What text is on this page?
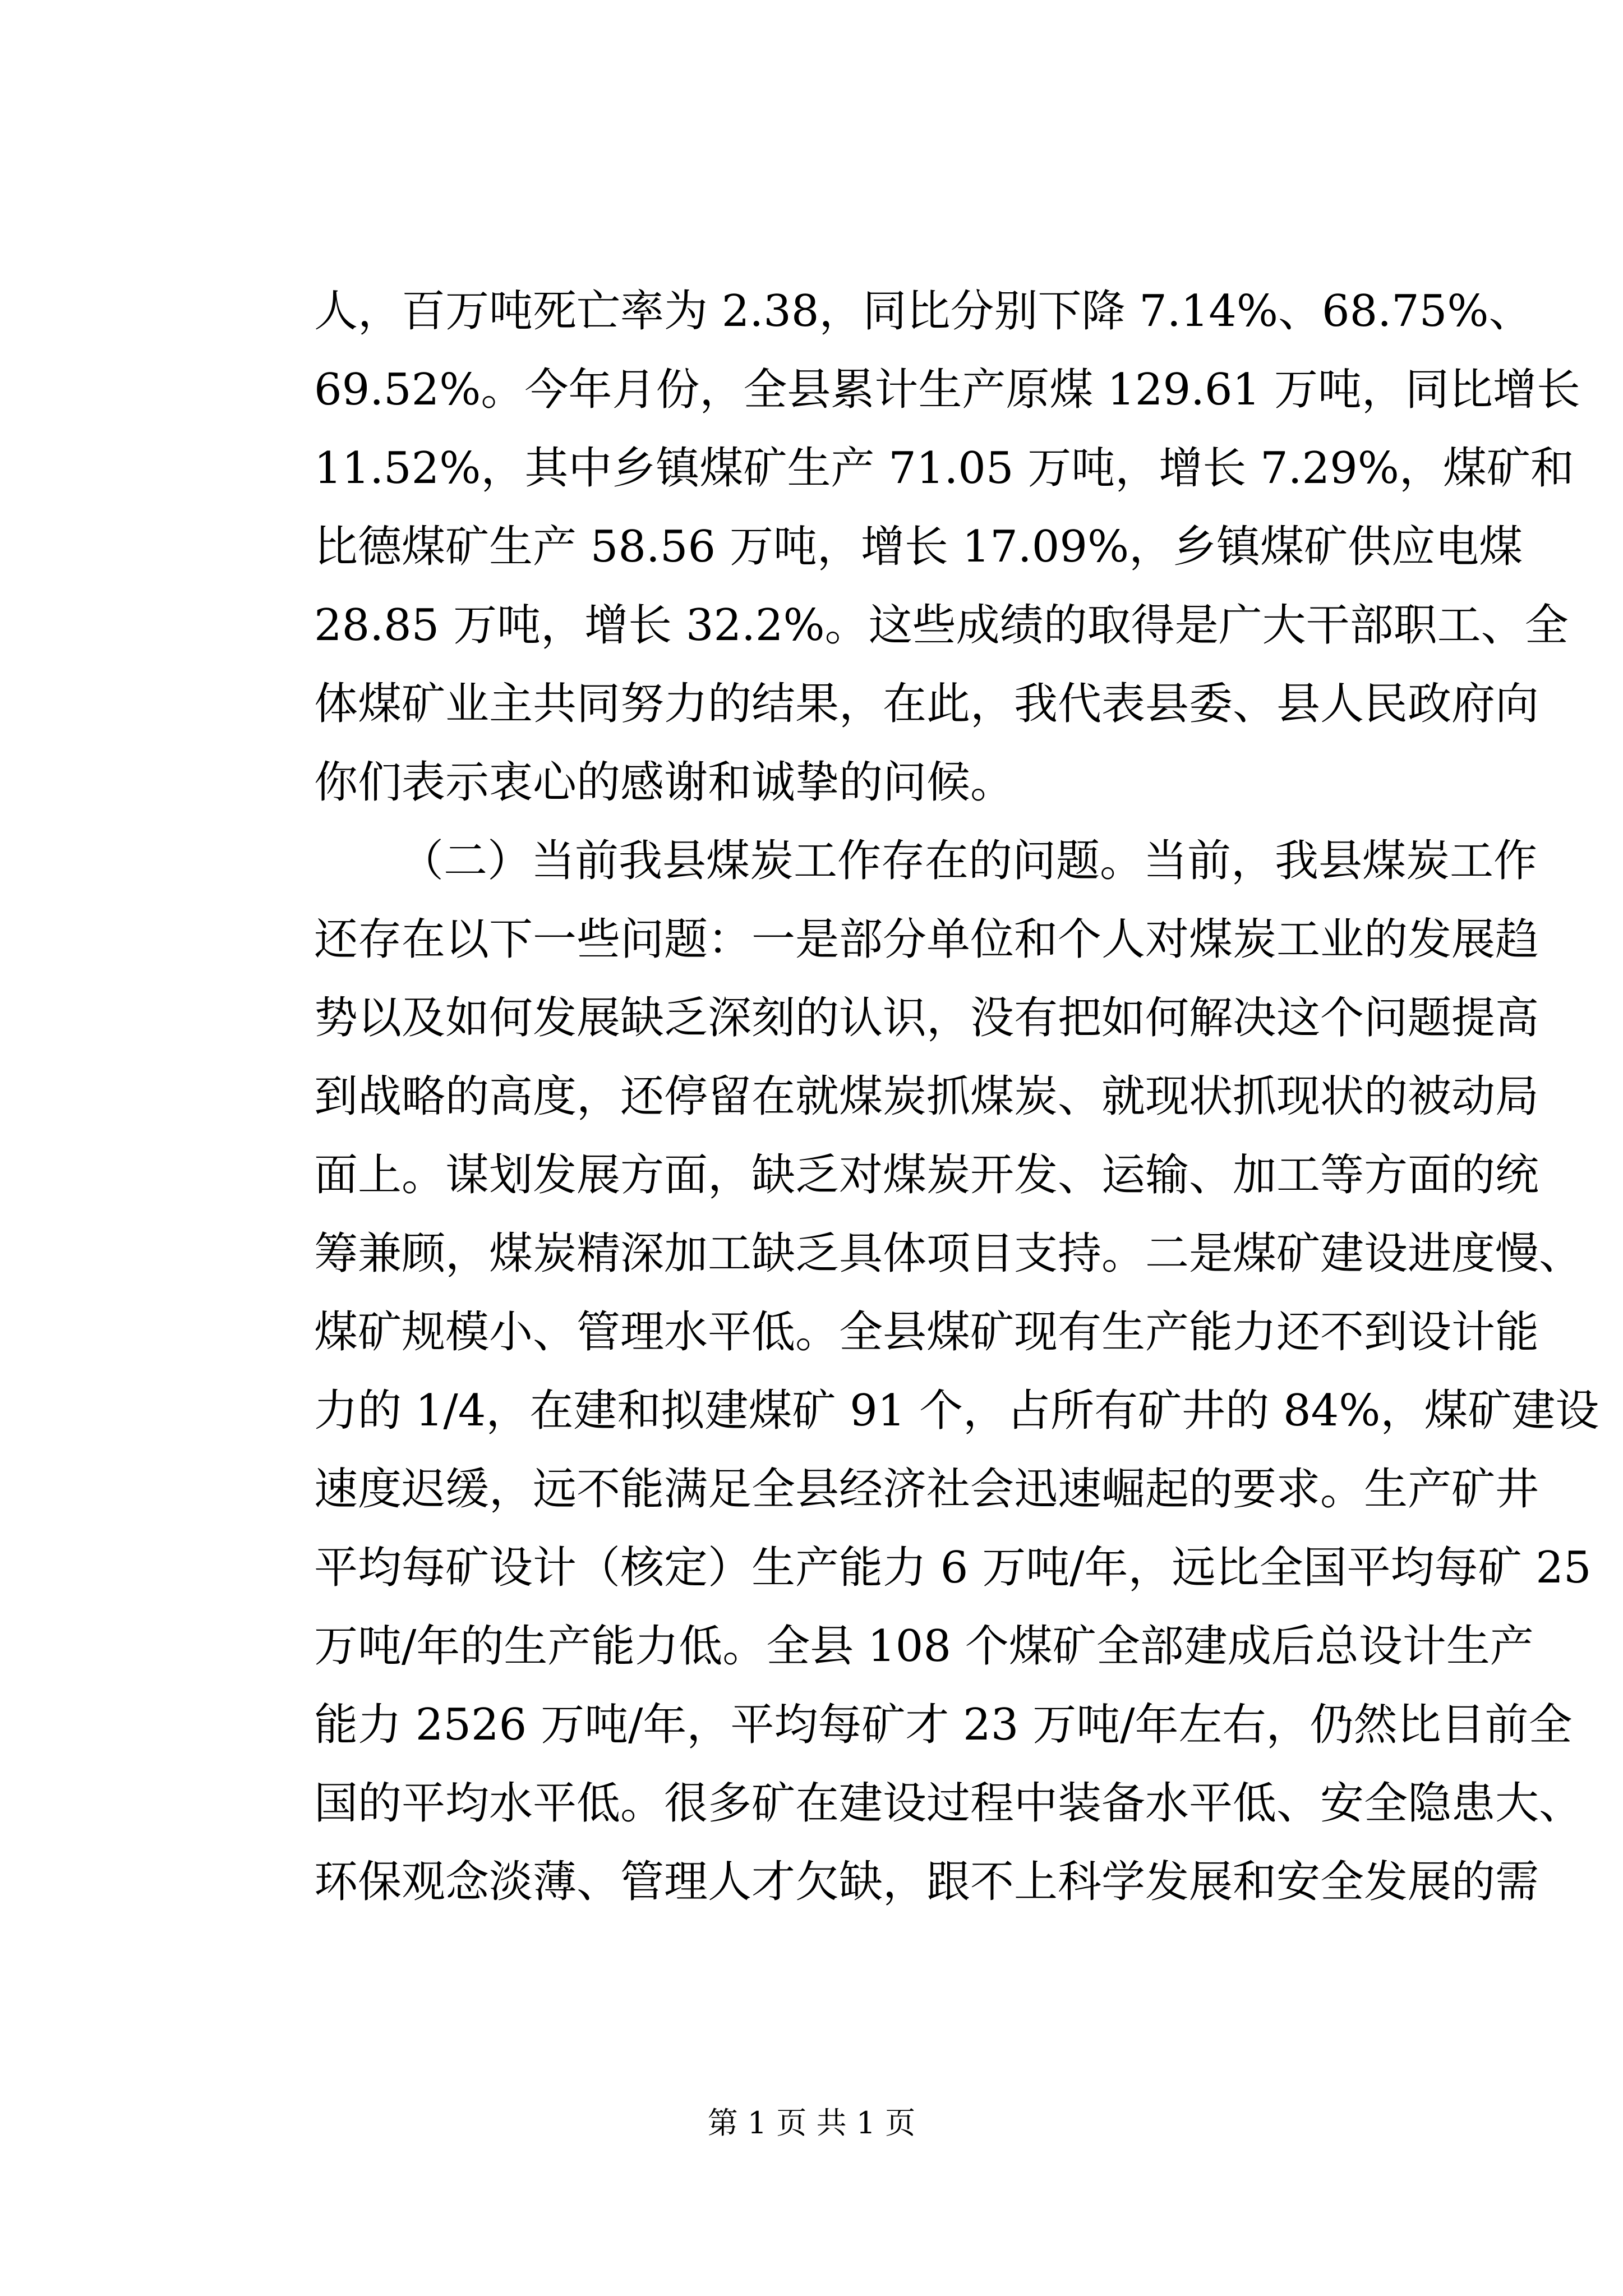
人，百万吨死亡率为 2.38，同比分别下降 7.14%、68.75%、
69.52%。今年月份，全县累计生产原煤 129.61 万吨，同比增长
11.52%，其中乡镇煤矿生产 71.05 万吨，增长 7.29%，煤矿和
比德煤矿生产 58.56 万吨，增长 17.09%，乡镇煤矿供应电煤
28.85 万吨，增长 32.2%。这些成绩的取得是广大干部职工、全
体煤矿业主共同努力的结果，在此，我代表县委、县人民政府向
你们表示衷心的感谢和诚挚的问候。
（二）当前我县煤炭工作存在的问题。当前，我县煤炭工作
还存在以下一些问题：一是部分单位和个人对煤炭工业的发展趋
势以及如何发展缺乏深刻的认识，没有把如何解决这个问题提高
到战略的高度，还停留在就煤炭抓煤炭、就现状抓现状的被动局
面上。谋划发展方面，缺乏对煤炭开发、运输、加工等方面的统
筹兼顾，煤炭精深加工缺乏具体项目支持。二是煤矿建设进度慢、
煤矿规模小、管理水平低。全县煤矿现有生产能力还不到设计能
力的 1/4，在建和拟建煤矿 91 个，占所有矿井的 84%，煤矿建设
速度迟缓，远不能满足全县经济社会迅速崛起的要求。生产矿井
平均每矿设计（核定）生产能力 6 万吨/年，远比全国平均每矿 25
万吨/年的生产能力低。全县 108 个煤矿全部建成后总设计生产
能力 2526 万吨/年，平均每矿才 23 万吨/年左右，仍然比目前全
国的平均水平低。很多矿在建设过程中装备水平低、安全隐患大、
环保观念淡薄、管理人才欠缺，跟不上科学发展和安全发展的需
第 1 页 共 1 页
